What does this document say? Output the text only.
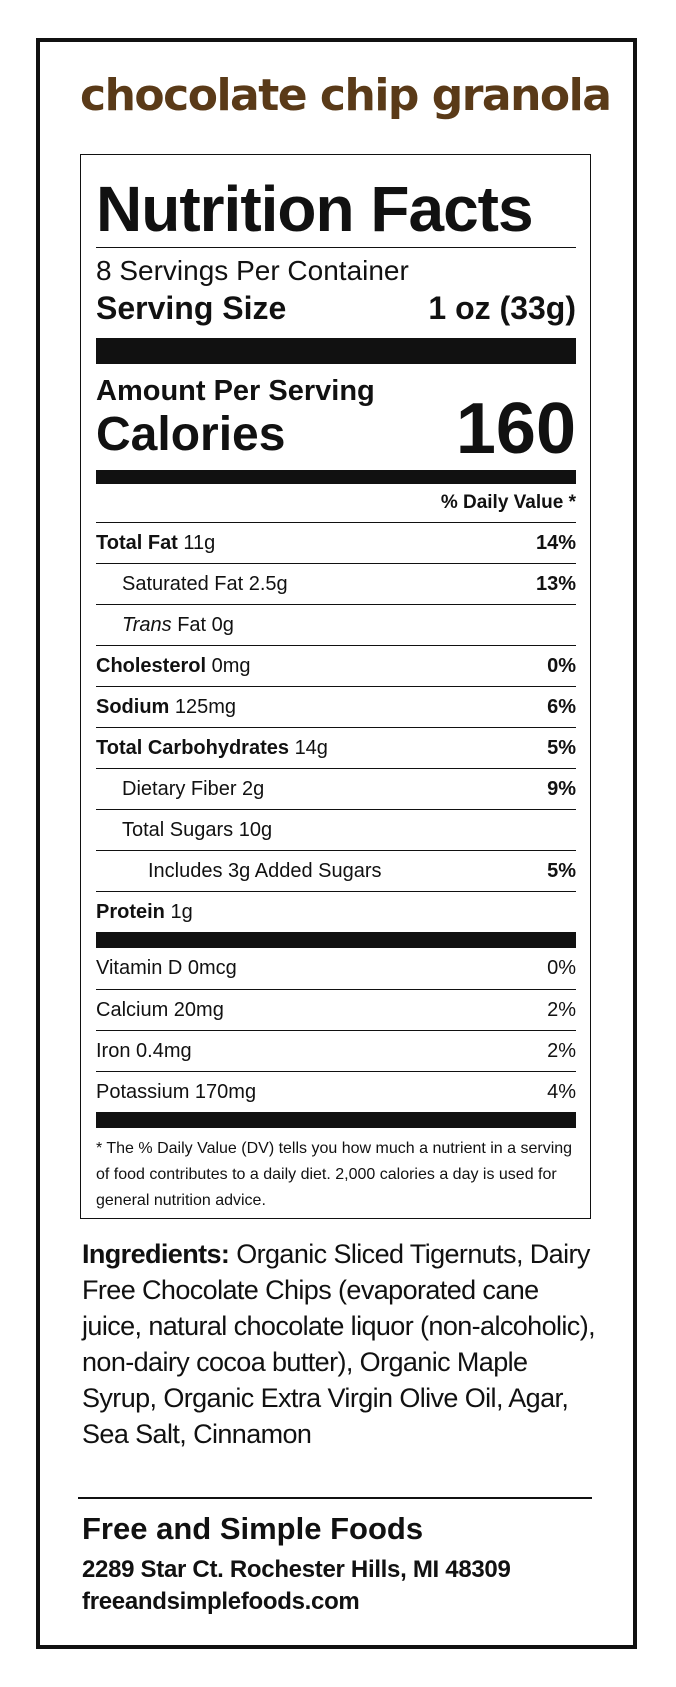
chocolate chip granola
Nutrition Facts
8 Servings Per Container
Serving Size	1 oz (33g)
Amount Per Serving
Calories 160
% Daily Value *
Total Fat 11g	14%
Saturated Fat 2.5g	13%
Trans Fat 0g
Cholesterol 0mg	0%
Sodium 125mg	6%
Total Carbohydrates 14g	5%
Dietary Fiber 2g	9%
Total Sugars 10g
Includes 3g Added Sugars	5%
Protein 1g
Vitamin D 0mcg	0%
Calcium 20mg	2%
Iron 0.4mg	2%
Potassium 170mg	4%
* The % Daily Value (DV) tells you how much a nutrient in a serving of food contributes to a daily diet. 2,000 calories a day is used for general nutrition advice.
Ingredients: Organic Sliced Tigernuts, Dairy Free Chocolate Chips (evaporated cane juice, natural chocolate liquor (non-alcoholic), non-dairy cocoa butter), Organic Maple Syrup, Organic Extra Virgin Olive Oil, Agar, Sea Salt, Cinnamon
Free and Simple Foods
2289 Star Ct. Rochester Hills, MI 48309
freeandsimplefoods.com
